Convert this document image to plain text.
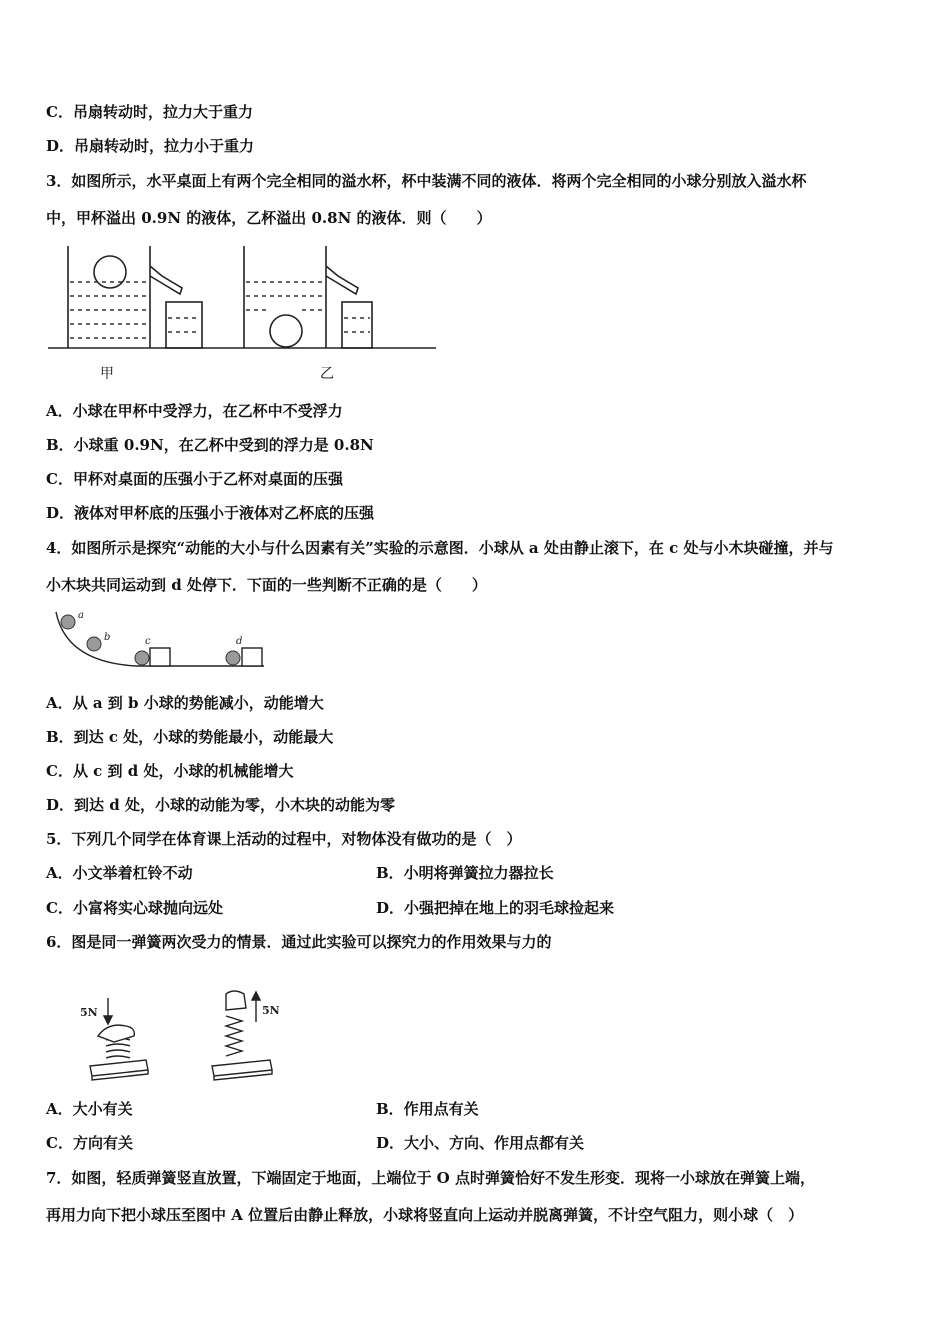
C．吊扇转动时，拉力大于重力
D．吊扇转动时，拉力小于重力
3．如图所示，水平桌面上有两个完全相同的溢水杯，杯中装满不同的液体．将两个完全相同的小球分别放入溢水杯
中，甲杯溢出 0.9N 的液体，乙杯溢出 0.8N 的液体．则（　　）
甲	乙
A．小球在甲杯中受浮力，在乙杯中不受浮力
B．小球重 0.9N，在乙杯中受到的浮力是 0.8N
C．甲杯对桌面的压强小于乙杯对桌面的压强
D．液体对甲杯底的压强小于液体对乙杯底的压强
4．如图所示是探究“动能的大小与什么因素有关”实验的示意图．小球从 a 处由静止滚下，在 c 处与小木块碰撞，并与
小木块共同运动到 d 处停下．下面的一些判断不正确的是（　　）
a
b	c	d
A．从 a 到 b 小球的势能减小，动能增大
B．到达 c 处，小球的势能最小，动能最大
C．从 c 到 d 处，小球的机械能增大
D．到达 d 处，小球的动能为零，小木块的动能为零
5．下列几个同学在体育课上活动的过程中，对物体没有做功的是（　）
A．小文举着杠铃不动	B．小明将弹簧拉力器拉长
C．小富将实心球抛向远处	D．小强把掉在地上的羽毛球捡起来
6．图是同一弹簧两次受力的情景．通过此实验可以探究力的作用效果与力的
5N	5N
A．大小有关	B．作用点有关
C．方向有关	D．大小、方向、作用点都有关
7．如图，轻质弹簧竖直放置，下端固定于地面，上端位于 O 点时弹簧恰好不发生形变．现将一小球放在弹簧上端，
再用力向下把小球压至图中 A 位置后由静止释放，小球将竖直向上运动并脱离弹簧，不计空气阻力，则小球（　）
